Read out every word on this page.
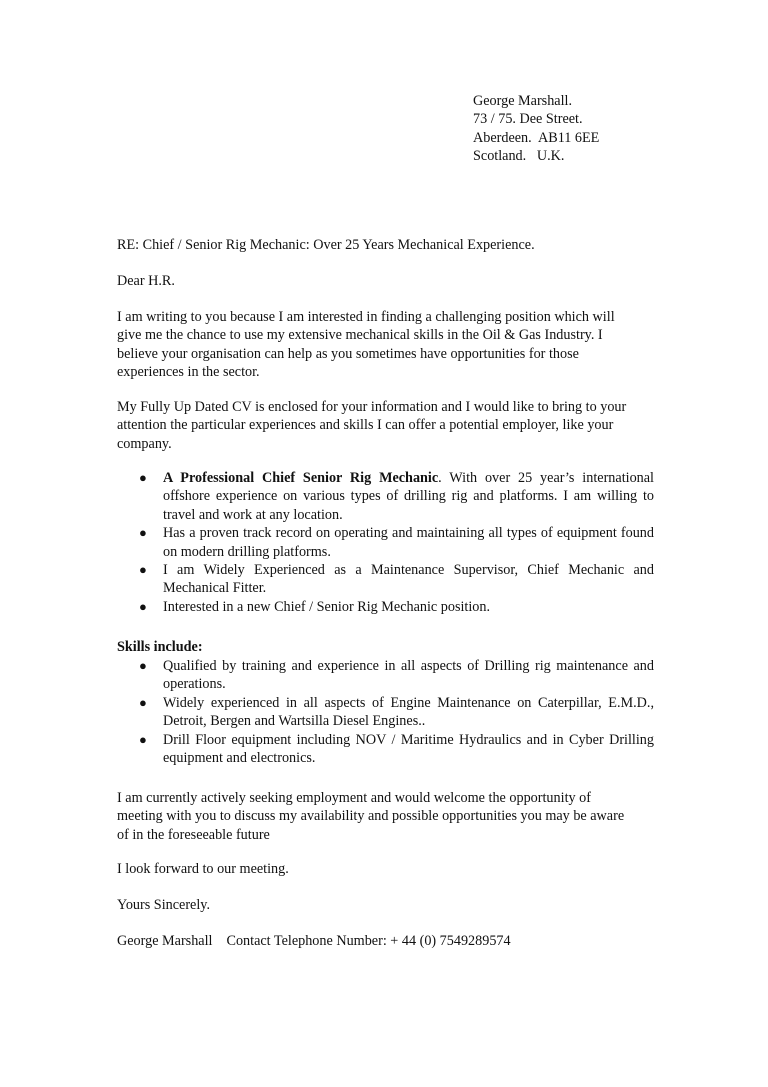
George Marshall.
73 / 75. Dee Street.
Aberdeen.  AB11 6EE
Scotland.   U.K.
RE: Chief / Senior Rig Mechanic: Over 25 Years Mechanical Experience.
Dear H.R.
I am writing to you because I am interested in finding a challenging position which will give me the chance to use my extensive mechanical skills in the Oil & Gas Industry. I believe your organisation can help as you sometimes have opportunities for those experiences in the sector.
My Fully Up Dated CV is enclosed for your information and I would like to bring to your attention the particular experiences and skills I can offer a potential employer, like your company.
● A Professional Chief Senior Rig Mechanic. With over 25 year’s international offshore experience on various types of drilling rig and platforms. I am willing to travel and work at any location.
● Has a proven track record on operating and maintaining all types of equipment found on modern drilling platforms.
● I am Widely Experienced as a Maintenance Supervisor, Chief Mechanic and Mechanical Fitter.
● Interested in a new Chief / Senior Rig Mechanic position.
Skills include:
● Qualified by training and experience in all aspects of Drilling rig maintenance and operations.
● Widely experienced in all aspects of Engine Maintenance on Caterpillar, E.M.D., Detroit, Bergen and Wartsilla Diesel Engines..
● Drill Floor equipment including NOV / Maritime Hydraulics and in Cyber Drilling equipment and electronics.
I am currently actively seeking employment and would welcome the opportunity of meeting with you to discuss my availability and possible opportunities you may be aware of in the foreseeable future
I look forward to our meeting.
Yours Sincerely.
George Marshall Contact Telephone Number: + 44 (0) 7549289574
